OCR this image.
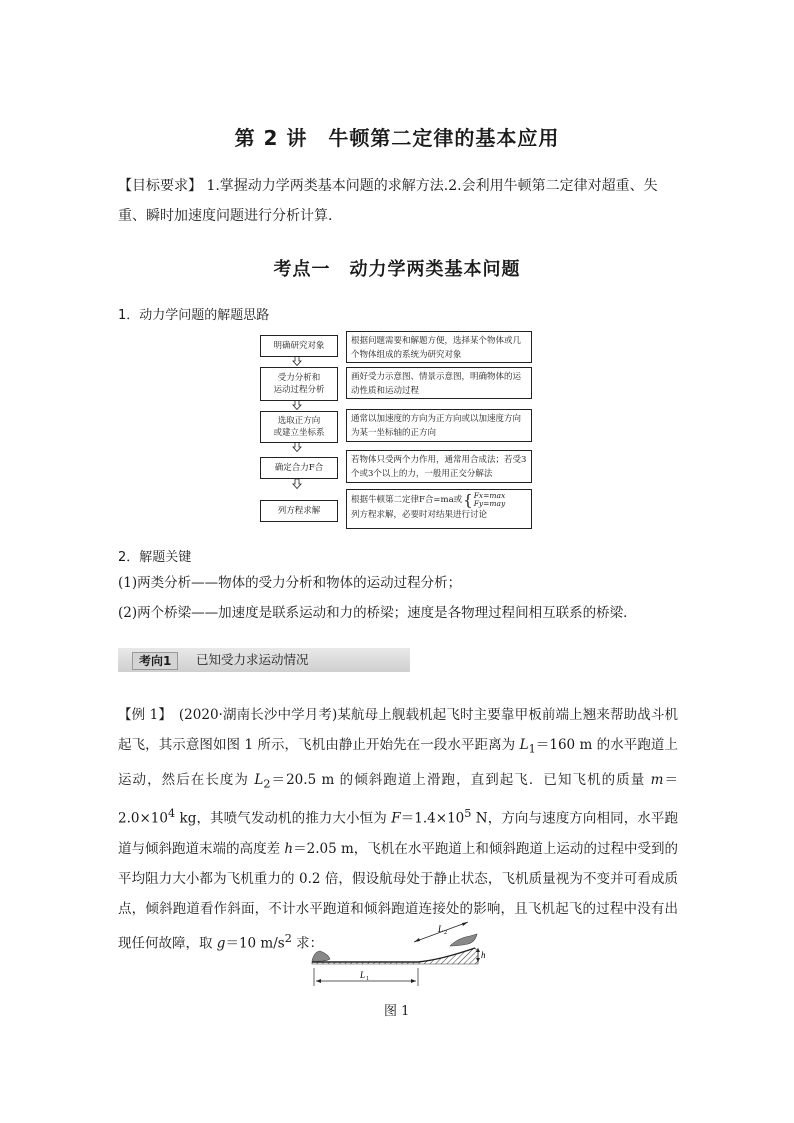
第 2 讲　牛顿第二定律的基本应用
【目标要求】 1.掌握动力学两类基本问题的求解方法.2.会利用牛顿第二定律对超重、失重、瞬时加速度问题进行分析计算.
考点一　动力学两类基本问题
1．动力学问题的解题思路
明确研究对象	根据问题需要和解题方便，选择某个物体或几个物体组成的系统为研究对象
受力分析和
运动过程分析
画好受力示意图、情景示意图，明确物体的运动性质和运动过程
选取正方向
或建立坐标系
通常以加速度的方向为正方向或以加速度方向为某一坐标轴的正方向
确定合力F合
若物体只受两个力作用，通常用合成法；若受3个或3个以上的力，一般用正交分解法
列方程求解
根据牛顿第二定律F合=ma或 { Fx=max
Fy=may
列方程求解，必要时对结果进行讨论
2．解题关键
(1)两类分析——物体的受力分析和物体的运动过程分析；
(2)两个桥梁——加速度是联系运动和力的桥梁；速度是各物理过程间相互联系的桥梁．
考向1	已知受力求运动情况
【例 1】　(2020·湖南长沙中学月考)某航母上舰载机起飞时主要靠甲板前端上翘来帮助战斗机起飞，其示意图如图 1 所示，飞机由静止开始先在一段水平距离为 $L_1=160$ m 的水平跑道上运动，然后在长度为 $L_2=20.5$ m 的倾斜跑道上滑跑，直到起飞．已知飞机的质量 $m=2.0\times 10^4$ kg，其喷气发动机的推力大小恒为 $F=1.4\times 10^5$ N，方向与速度方向相同，水平跑道与倾斜跑道末端的高度差 h＝2.05 m，飞机在水平跑道上和倾斜跑道上运动的过程中受到的平均阻力大小都为飞机重力的 0.2 倍，假设航母处于静止状态，飞机质量视为不变并可看成质点，倾斜跑道看作斜面，不计水平跑道和倾斜跑道连接处的影响，且飞机起飞的过程中没有出现任何故障，取 g＝10 $m/s^2$ 求：
L 1
L 2
h
图 1
